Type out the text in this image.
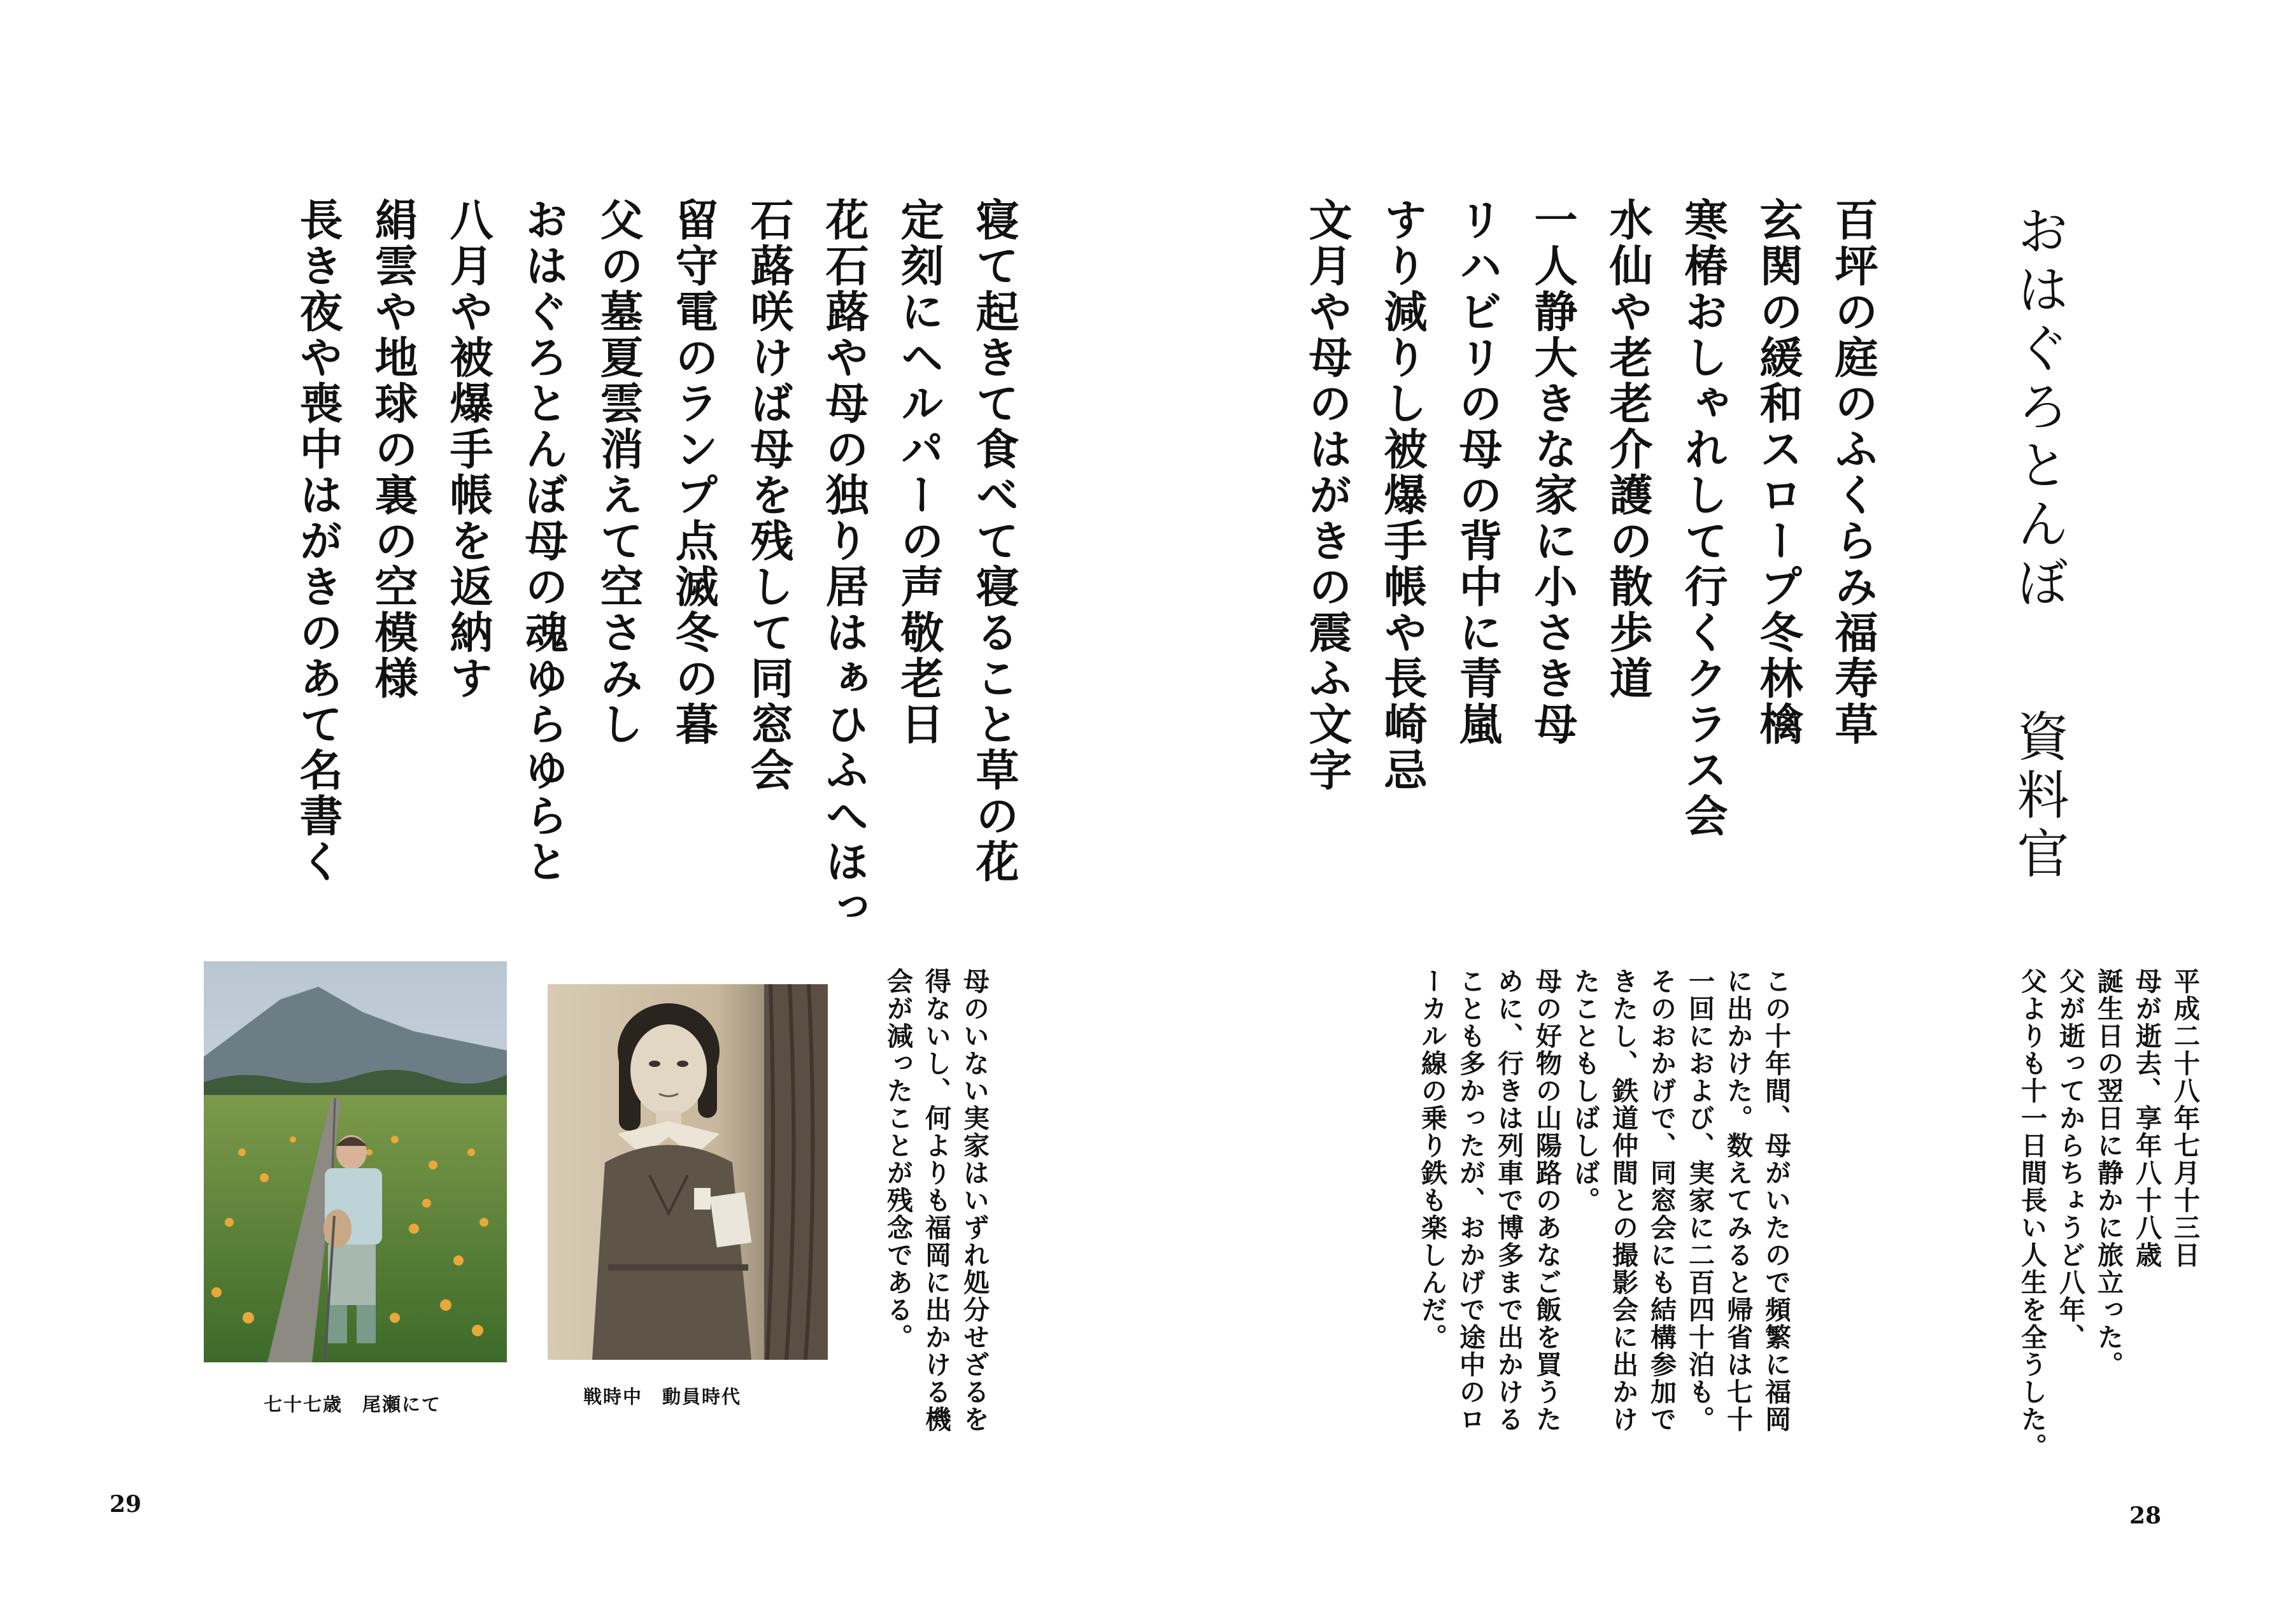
おはぐろとんぼ資料官
百坪の庭のふくらみ福寿草
玄関の緩和スロープ冬林檎
寒椿おしゃれして行くクラス会
水仙や老老介護の散歩道
一人静大きな家に小さき母
リハビリの母の背中に青嵐
すり減りし被爆手帳や長崎忌
文月や母のはがきの震ふ文字
寝て起きて食べて寝ること草の花
定刻にヘルパーの声敬老日
花石蕗や母の独り居はぁひふへほっ
石蕗咲けば母を残して同窓会
留守電のランプ点滅冬の暮
父の墓夏雲消えて空さみし
おはぐろとんぼ母の魂ゆらゆらと
八月や被爆手帳を返納す
絹雲や地球の裏の空模様
長き夜や喪中はがきのあて名書く
平成二十八年七月十三日
母が逝去、享年八十八歳
誕生日の翌日に静かに旅立った。
父が逝ってからちょうど八年、
父よりも十一日間長い人生を全うした。
この十年間、母がいたので頻繁に福岡
に出かけた。数えてみると帰省は七十
一回におよび、実家に二百四十泊も。
そのおかげで、同窓会にも結構参加で
きたし、鉄道仲間との撮影会に出かけ
たこともしばしば。
母の好物の山陽路のあなご飯を買うた
めに、行きは列車で博多まで出かける
ことも多かったが、おかげで途中のロ
ーカル線の乗り鉄も楽しんだ。
母のいない実家はいずれ処分せざるを
得ないし、何よりも福岡に出かける機
会が減ったことが残念である。
戦時中　動員時代
七十七歳　尾瀬にて
29	28
